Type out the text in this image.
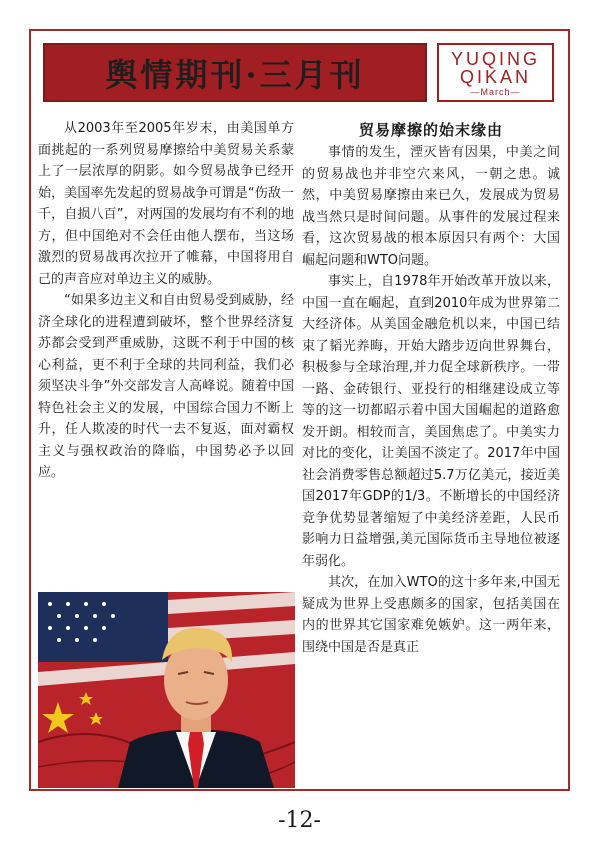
舆情期刊·三月刊	YUQING
QIKAN
—March—

从2003年至2005年岁末，由美国单方面挑起的一系列贸易摩擦给中美贸易关系蒙上了一层浓厚的阴影。如今贸易战争已经开始，美国率先发起的贸易战争可谓是“伤敌一千，自损八百”，对两国的发展均有不利的地方，但中国绝对不会任由他人摆布，当这场激烈的贸易战再次拉开了帷幕，中国将用自己的声音应对单边主义的威胁。

“如果多边主义和自由贸易受到威胁，经济全球化的进程遭到破坏，整个世界经济复苏都会受到严重威胁，这既不利于中国的核心利益，更不利于全球的共同利益，我们必须坚决斗争”外交部发言人高峰说。随着中国特色社会主义的发展，中国综合国力不断上升，任人欺凌的时代一去不复返，面对霸权主义与强权政治的降临，中国势必予以回应。

贸易摩擦的始末缘由

事情的发生，湮灭皆有因果，中美之间的贸易战也并非空穴来风，一朝之患。诚然，中美贸易摩擦由来已久，发展成为贸易战当然只是时间问题。从事件的发展过程来看，这次贸易战的根本原因只有两个：大国崛起问题和WTO问题。

事实上，自1978年开始改革开放以来，中国一直在崛起，直到2010年成为世界第二大经济体。从美国金融危机以来，中国已结束了韬光养晦，开始大踏步迈向世界舞台，积极参与全球治理,并力促全球新秩序。一带一路、金砖银行、亚投行的相继建设成立等等的这一切都昭示着中国大国崛起的道路愈发开朗。相较而言，美国焦虑了。中美实力对比的变化，让美国不淡定了。2017年中国社会消费零售总额超过5.7万亿美元，接近美国2017年GDP的1/3。不断增长的中国经济竞争优势显著缩短了中美经济差距，人民币影响力日益增强,美元国际货币主导地位被逐年弱化。

其次，在加入WTO的这十多年来,中国无疑成为世界上受惠颇多的国家，包括美国在内的世界其它国家难免嫉妒。这一两年来，围绕中国是否是真正

-12-
